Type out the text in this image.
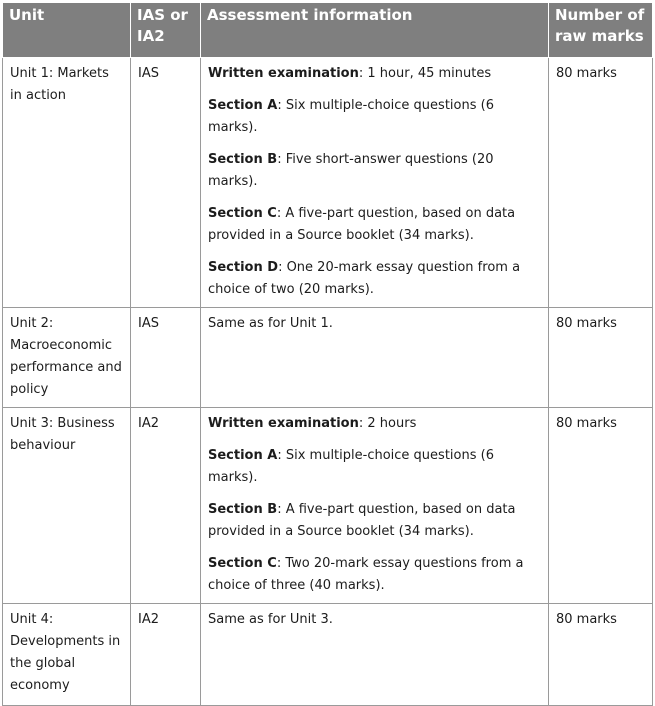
Unit	IAS or IA2	Assessment information	Number of raw marks
Unit 1: Markets in action	IAS	Written examination: 1 hour, 45 minutes

Section A: Six multiple-choice questions (6 marks).

Section B: Five short-answer questions (20 marks).

Section C: A five-part question, based on data provided in a Source booklet (34 marks).

Section D: One 20-mark essay question from a choice of two (20 marks).	80 marks
Unit 2: Macroeconomic performance and policy	IAS	Same as for Unit 1.	80 marks
Unit 3: Business behaviour	IA2	Written examination: 2 hours

Section A: Six multiple-choice questions (6 marks).

Section B: A five-part question, based on data provided in a Source booklet (34 marks).

Section C: Two 20-mark essay questions from a choice of three (40 marks).	80 marks
Unit 4: Developments in the global economy	IA2	Same as for Unit 3.	80 marks
